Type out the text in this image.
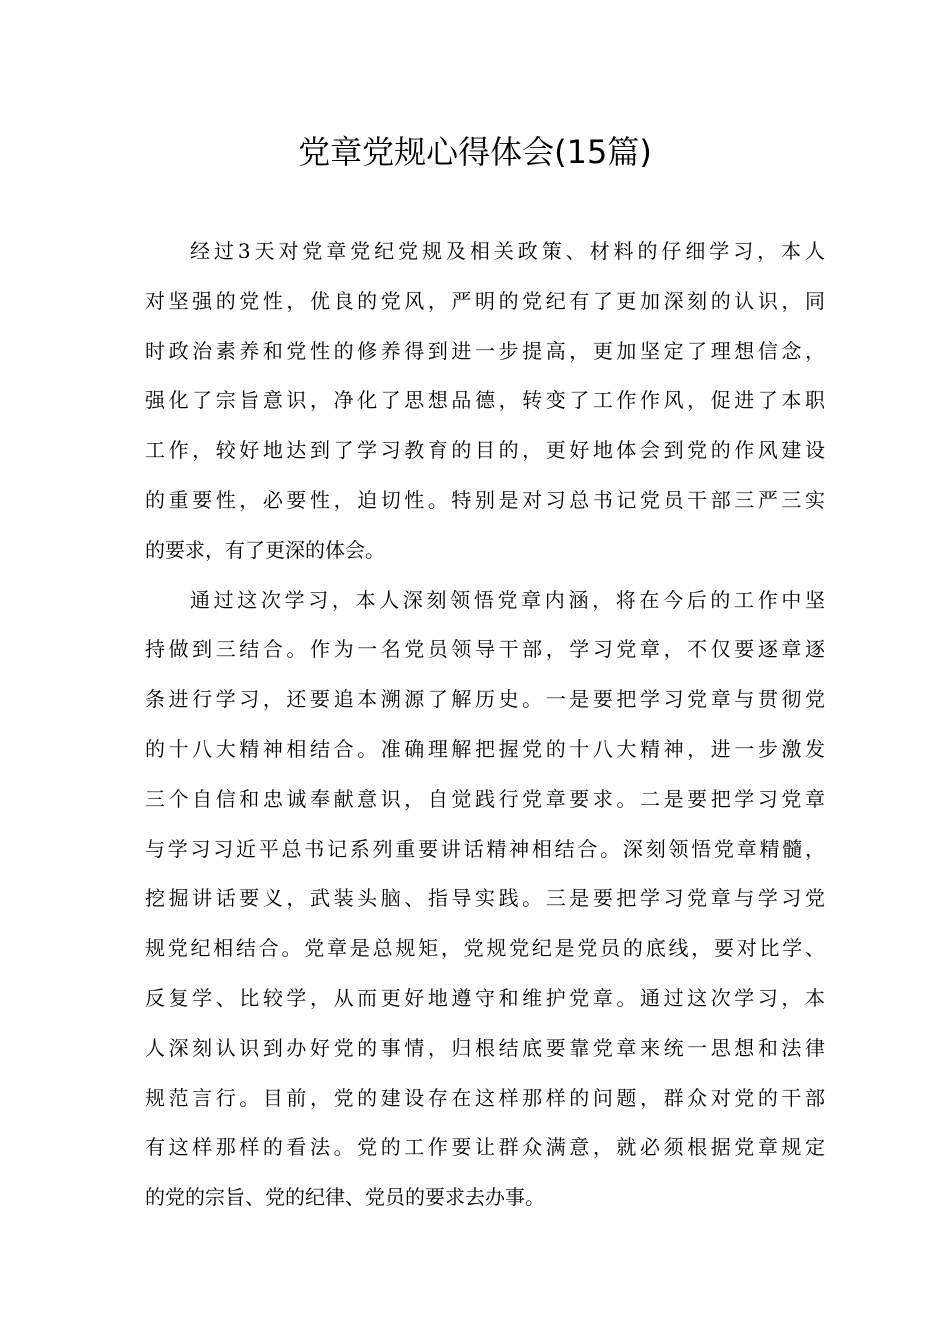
党章党规心得体会(15篇)
经过3天对党章党纪党规及相关政策、材料的仔细学习，本人
对坚强的党性，优良的党风，严明的党纪有了更加深刻的认识，同
时政治素养和党性的修养得到进一步提高，更加坚定了理想信念，
强化了宗旨意识，净化了思想品德，转变了工作作风，促进了本职
工作，较好地达到了学习教育的目的，更好地体会到党的作风建设
的重要性，必要性，迫切性。特别是对习总书记党员干部三严三实
的要求，有了更深的体会。
通过这次学习，本人深刻领悟党章内涵，将在今后的工作中坚
持做到三结合。作为一名党员领导干部，学习党章，不仅要逐章逐
条进行学习，还要追本溯源了解历史。一是要把学习党章与贯彻党
的十八大精神相结合。准确理解把握党的十八大精神，进一步激发
三个自信和忠诚奉献意识，自觉践行党章要求。二是要把学习党章
与学习习近平总书记系列重要讲话精神相结合。深刻领悟党章精髓，
挖掘讲话要义，武装头脑、指导实践。三是要把学习党章与学习党
规党纪相结合。党章是总规矩，党规党纪是党员的底线，要对比学、
反复学、比较学，从而更好地遵守和维护党章。通过这次学习，本
人深刻认识到办好党的事情，归根结底要靠党章来统一思想和法律
规范言行。目前，党的建设存在这样那样的问题，群众对党的干部
有这样那样的看法。党的工作要让群众满意，就必须根据党章规定
的党的宗旨、党的纪律、党员的要求去办事。
